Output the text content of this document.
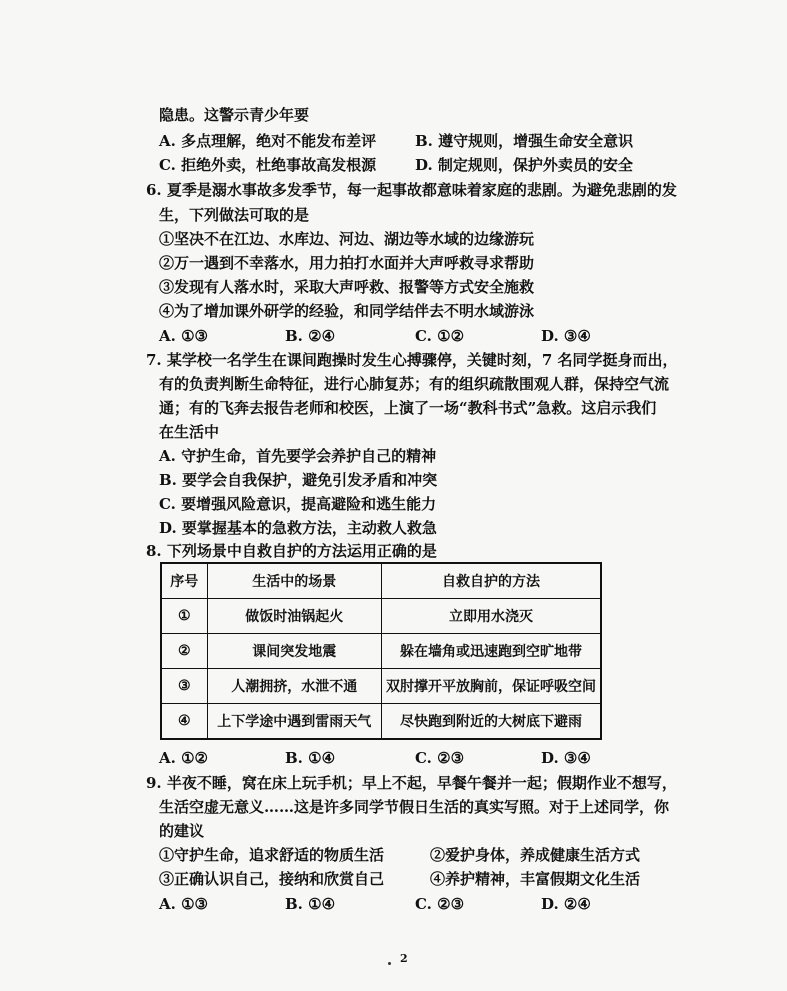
隐患。这警示青少年要
A. 多点理解，绝对不能发布差评	B. 遵守规则，增强生命安全意识
C. 拒绝外卖，杜绝事故高发根源	D. 制定规则，保护外卖员的安全
6. 夏季是溺水事故多发季节，每一起事故都意味着家庭的悲剧。为避免悲剧的发
生，下列做法可取的是
①坚决不在江边、水库边、河边、湖边等水域的边缘游玩
②万一遇到不幸落水，用力拍打水面并大声呼救寻求帮助
③发现有人落水时，采取大声呼救、报警等方式安全施救
④为了增加课外研学的经验，和同学结伴去不明水域游泳
A. ①③	B. ②④	C. ①②	D. ③④
7. 某学校一名学生在课间跑操时发生心搏骤停，关键时刻，7 名同学挺身而出，
有的负责判断生命特征，进行心肺复苏；有的组织疏散围观人群，保持空气流
通；有的飞奔去报告老师和校医，上演了一场“教科书式”急救。这启示我们
在生活中
A. 守护生命，首先要学会养护自己的精神
B. 要学会自我保护，避免引发矛盾和冲突
C. 要增强风险意识，提高避险和逃生能力
D. 要掌握基本的急救方法，主动救人救急
8. 下列场景中自救自护的方法运用正确的是
序号	生活中的场景	自救自护的方法
①	做饭时油锅起火	立即用水浇灭
②	课间突发地震	躲在墙角或迅速跑到空旷地带
③	人潮拥挤，水泄不通	双肘撑开平放胸前，保证呼吸空间
④	上下学途中遇到雷雨天气	尽快跑到附近的大树底下避雨
A. ①②	B. ①④	C. ②③	D. ③④
9. 半夜不睡，窝在床上玩手机；早上不起，早餐午餐并一起；假期作业不想写，
生活空虚无意义……这是许多同学节假日生活的真实写照。对于上述同学，你
的建议
①守护生命，追求舒适的物质生活	②爱护身体，养成健康生活方式
③正确认识自己，接纳和欣赏自己	④养护精神，丰富假期文化生活
A. ①③	B. ①④	C. ②③	D. ②④
2
